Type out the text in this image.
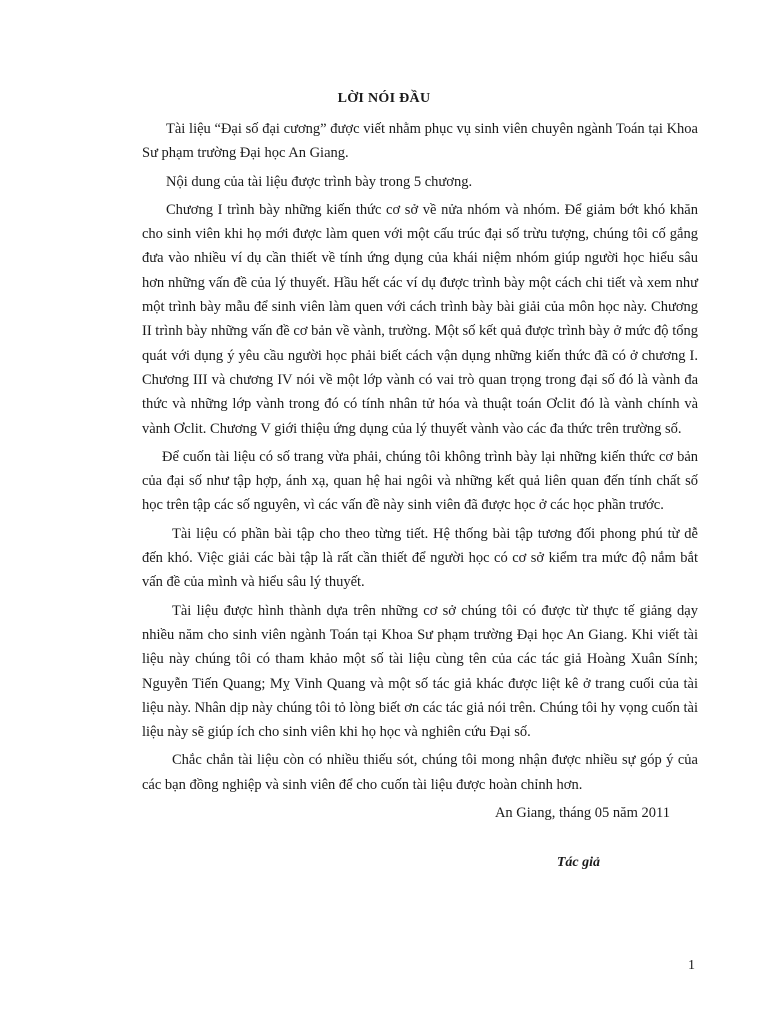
LỜI NÓI ĐẦU

Tài liệu “Đại số đại cương” được viết nhằm phục vụ sinh viên chuyên ngành Toán tại Khoa Sư phạm trường Đại học An Giang.

Nội dung của tài liệu được trình bày trong 5 chương.

Chương I trình bày những kiến thức cơ sở về nửa nhóm và nhóm. Để giảm bớt khó khăn cho sinh viên khi họ mới được làm quen với một cấu trúc đại số trừu tượng, chúng tôi cố gắng đưa vào nhiều ví dụ cần thiết về tính ứng dụng của khái niệm nhóm giúp người học hiểu sâu hơn những vấn đề của lý thuyết. Hầu hết các ví dụ được trình bày một cách chi tiết và xem như một trình bày mẫu để sinh viên làm quen với cách trình bày bài giải của môn học này. Chương II trình bày những vấn đề cơ bản về vành, trường. Một số kết quả được trình bày ở mức độ tổng quát với dụng ý yêu cầu người học phải biết cách vận dụng những kiến thức đã có ở chương I. Chương III và chương IV nói về một lớp vành có vai trò quan trọng trong đại số đó là vành đa thức và những lớp vành trong đó có tính nhân tử hóa và thuật toán Ơclit đó là vành chính và vành Ơclit. Chương V giới thiệu ứng dụng của lý thuyết vành vào các đa thức trên trường số.

Để cuốn tài liệu có số trang vừa phải, chúng tôi không trình bày lại những kiến thức cơ bản của đại số như tập hợp, ánh xạ, quan hệ hai ngôi và những kết quả liên quan đến tính chất số học trên tập các số nguyên, vì các vấn đề này sinh viên đã được học ở các học phần trước.

Tài liệu có phần bài tập cho theo từng tiết. Hệ thống bài tập tương đối phong phú từ dễ đến khó. Việc giải các bài tập là rất cần thiết để người học có cơ sở kiểm tra mức độ nắm bắt vấn đề của mình và hiểu sâu lý thuyết.

Tài liệu được hình thành dựa trên những cơ sở chúng tôi có được từ thực tế giảng dạy nhiều năm cho sinh viên ngành Toán tại Khoa Sư phạm trường Đại học An Giang. Khi viết tài liệu này chúng tôi có tham khảo một số tài liệu cùng tên của các tác giả Hoàng Xuân Sính; Nguyễn Tiến Quang; Mỵ Vinh Quang và một số tác giả khác được liệt kê ở trang cuối của tài liệu này. Nhân dịp này chúng tôi tỏ lòng biết ơn các tác giả nói trên. Chúng tôi hy vọng cuốn tài liệu này sẽ giúp ích cho sinh viên khi họ học và nghiên cứu Đại số.

Chắc chắn tài liệu còn có nhiều thiếu sót, chúng tôi mong nhận được nhiều sự góp ý của các bạn đồng nghiệp và sinh viên để cho cuốn tài liệu được hoàn chỉnh hơn.

An Giang, tháng 05 năm 2011
Tác giả
1
